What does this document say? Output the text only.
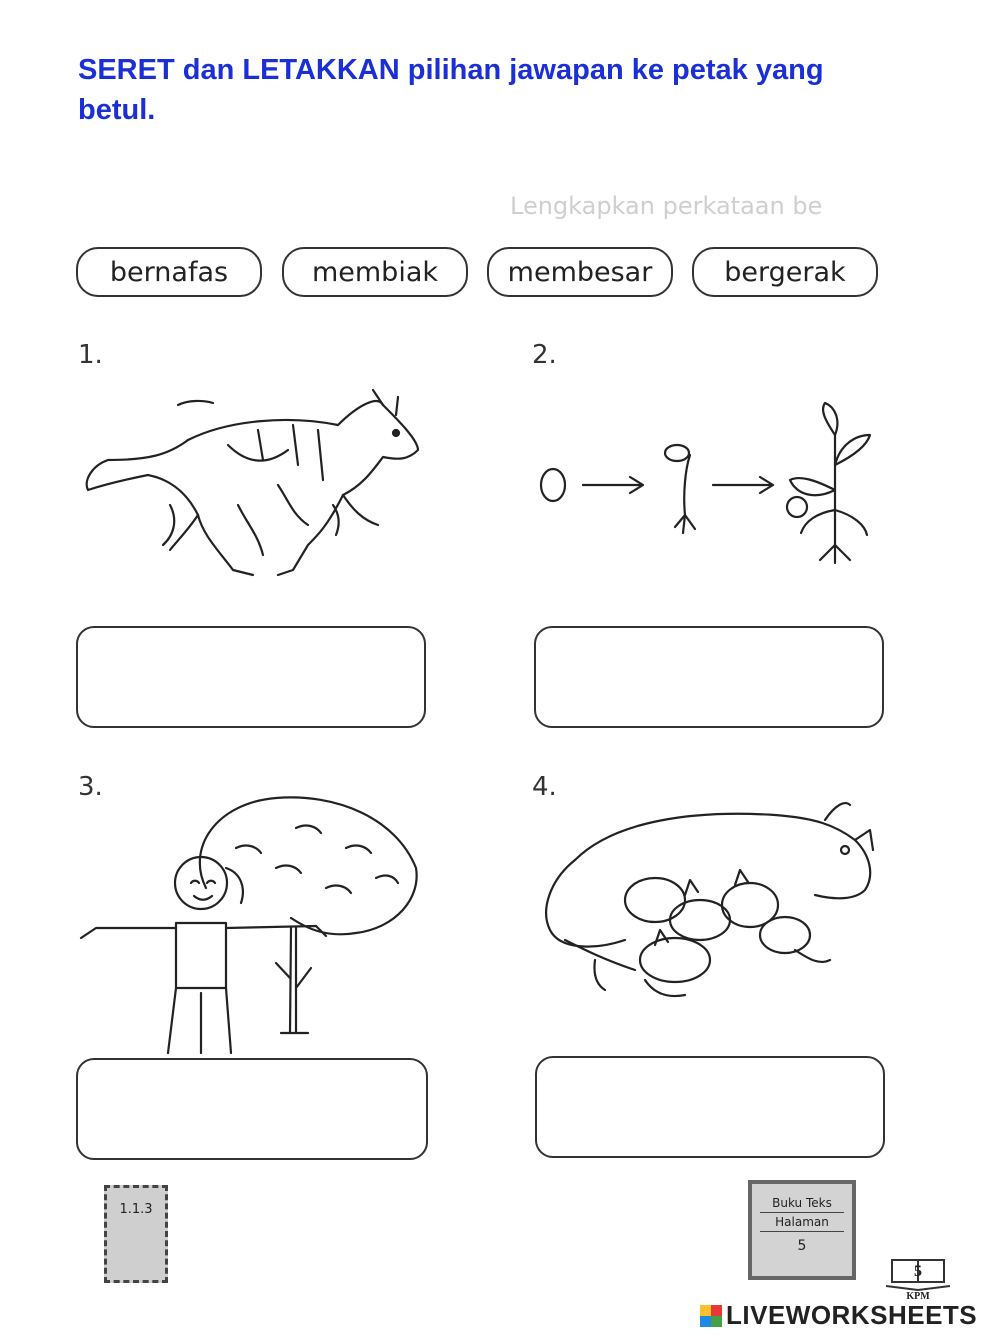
SERET dan LETAKKAN pilihan jawapan ke petak yang betul.
Lengkapkan perkataan be
bernafas	membiak	membesar	bergerak
1.	2.
3.	4.
1.1.3	Buku Teks
Halaman
5
5
KPM
LIVEWORKSHEETS
